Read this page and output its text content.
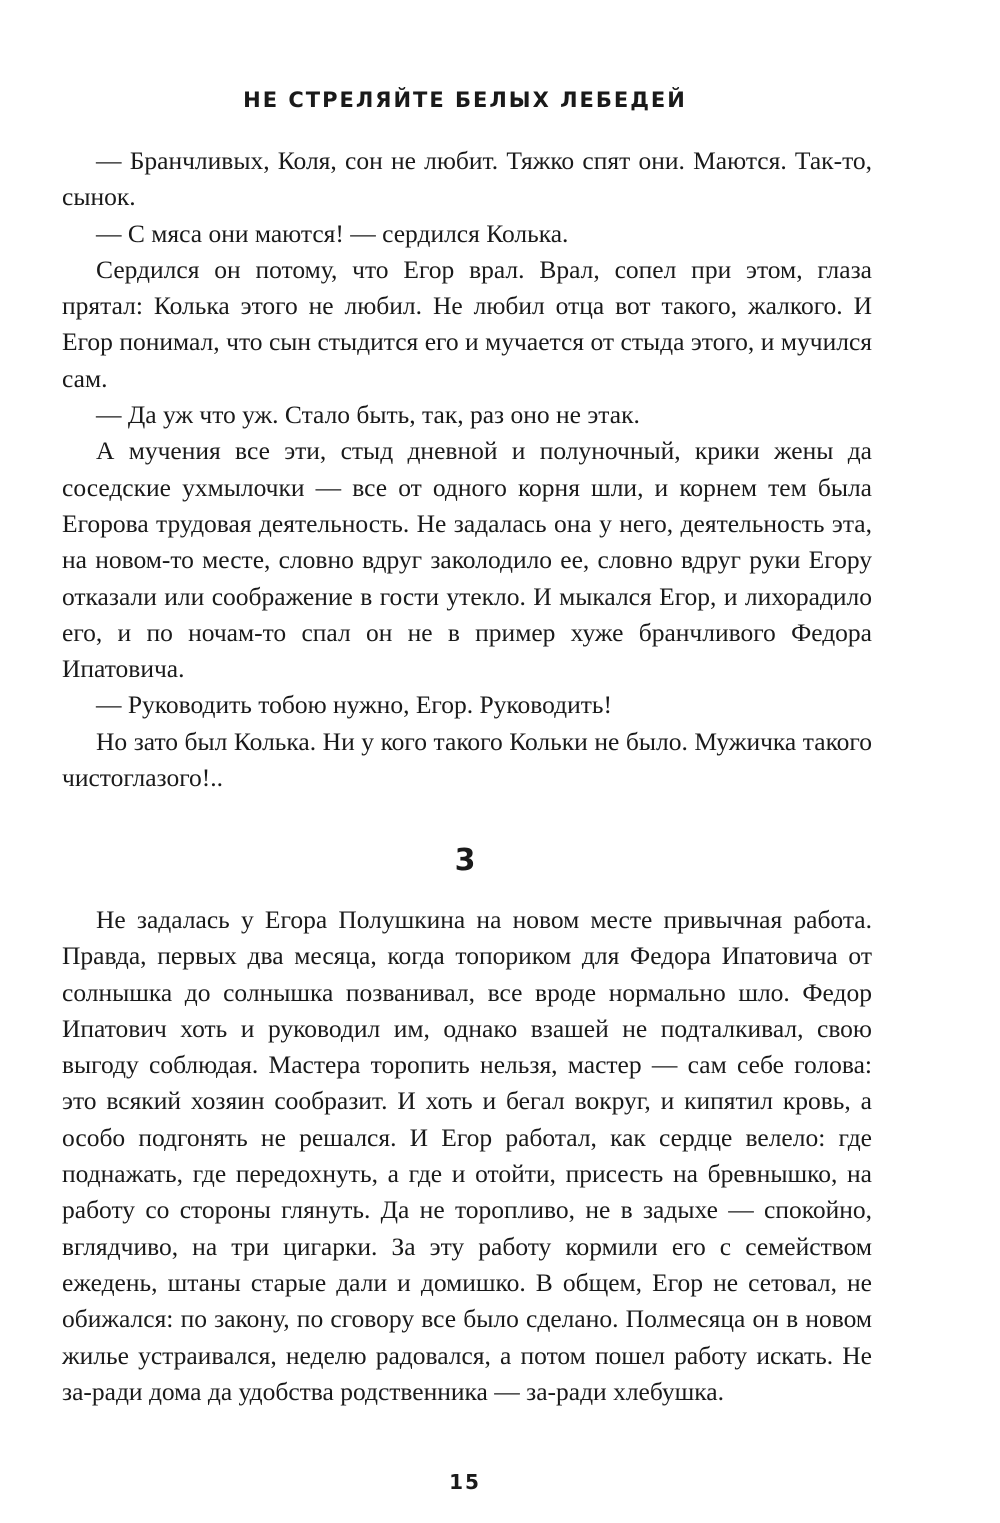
НЕ СТРЕЛЯЙТЕ БЕЛЫХ ЛЕБЕДЕЙ

— Бранчливых, Коля, сон не любит. Тяжко спят они. Маются. Так-то, сынок.

— С мяса они маются! — сердился Колька.

Сердился он потому, что Егор врал. Врал, сопел при этом, глаза прятал: Колька этого не любил. Не любил отца вот такого, жалкого. И Егор понимал, что сын стыдится его и мучается от стыда этого, и мучился сам.

— Да уж что уж. Стало быть, так, раз оно не этак.

А мучения все эти, стыд дневной и полуночный, крики жены да соседские ухмылочки — все от одного корня шли, и корнем тем была Егорова трудовая деятельность. Не задалась она у него, деятельность эта, на новом-то месте, словно вдруг заколодило ее, словно вдруг руки Егору отказали или соображение в гости утекло. И мыкался Егор, и лихорадило его, и по ночам-то спал он не в пример хуже бранчливого Федора Ипатовича.

— Руководить тобою нужно, Егор. Руководить!

Но зато был Колька. Ни у кого такого Кольки не было. Мужичка такого чистоглазого!..

3

Не задалась у Егора Полушкина на новом месте привычная работа. Правда, первых два месяца, когда топориком для Федора Ипатовича от солнышка до солнышка позванивал, все вроде нормально шло. Федор Ипатович хоть и руководил им, однако взашей не подталкивал, свою выгоду соблюдая. Мастера торопить нельзя, мастер — сам себе голова: это всякий хозяин сообразит. И хоть и бегал вокруг, и кипятил кровь, а особо подгонять не решался. И Егор работал, как сердце велело: где поднажать, где передохнуть, а где и отойти, присесть на бревнышко, на работу со стороны глянуть. Да не торопливо, не в задыхе — спокойно, вглядчиво, на три цигарки. За эту работу кормили его с семейством ежедень, штаны старые дали и домишко. В общем, Егор не сетовал, не обижался: по закону, по сговору все было сделано. Полмесяца он в новом жилье устраивался, неделю радовался, а потом пошел работу искать. Не за-ради дома да удобства родственника — за-ради хлебушка.

15
